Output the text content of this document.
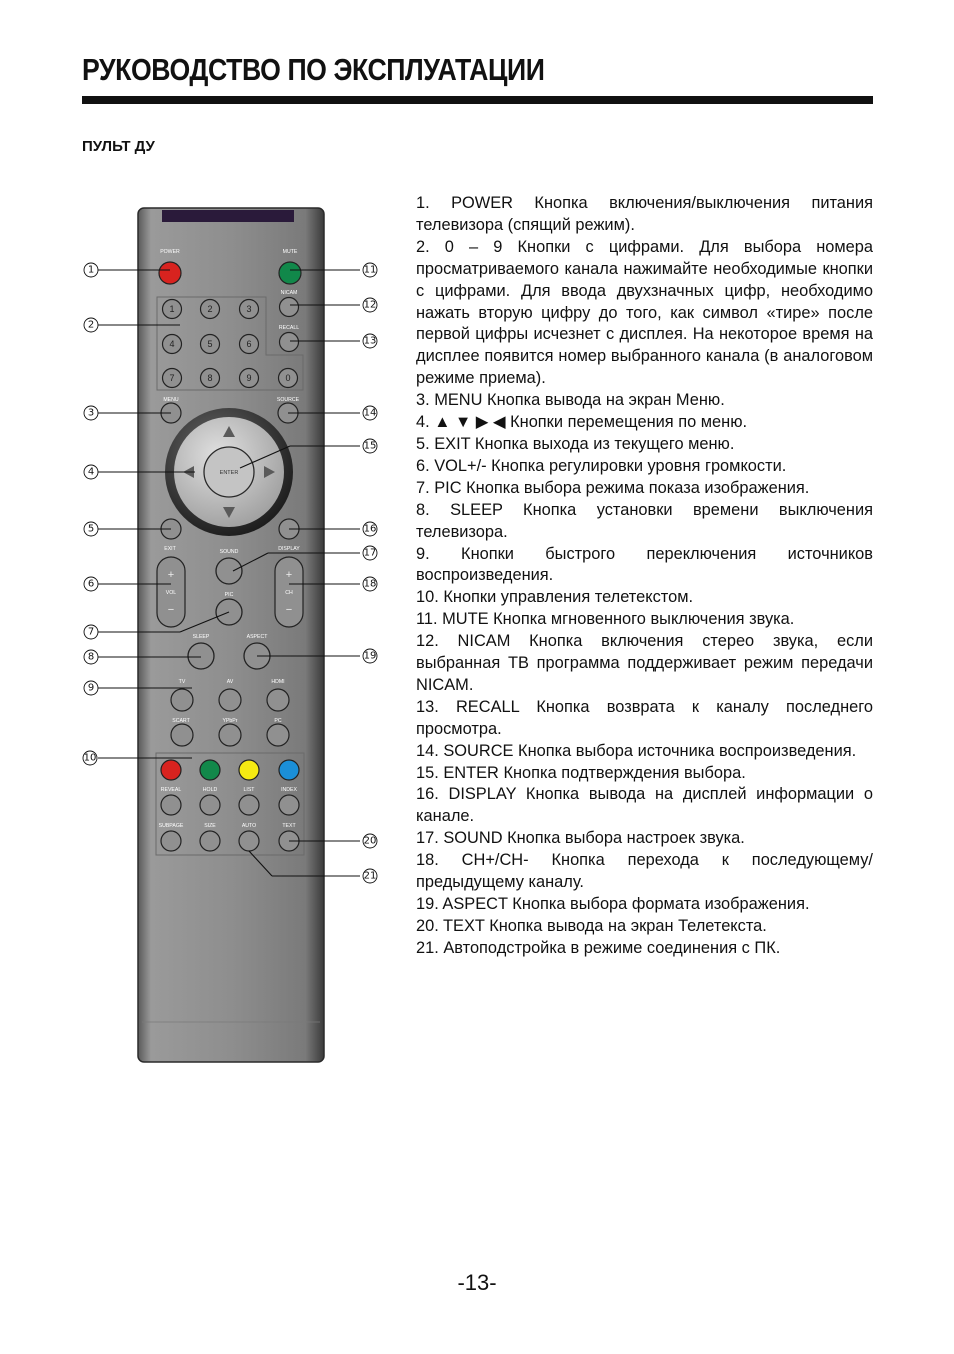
РУКОВОДСТВО ПО ЭКСПЛУАТАЦИИ
ПУЛЬТ ДУ
POWER	MUTE
1	2	3
4	5	6
7	8	9	0
NICAM
RECALL
MENU	SOURCE
ENTER
EXIT	DISPLAY
+
VOL
−
+
CH
−
SOUND
PIC
SLEEP	ASPECT
TV	AV	HDMI
SCART	YPbPr	PC
REVEAL	HOLD	LIST	INDEX
SUBPAGE	SIZE	AUTO	TEXT
1
2
3
4
5
6
7
8
9
10
11
12
13
14
15
16
17
18
19
20
21
1. POWER Кнопка включения/выключения питания телевизора (спящий режим).
2. 0 – 9 Кнопки с цифрами. Для выбора номера просматриваемого канала нажимайте необходимые кнопки с цифрами. Для ввода двухзначных цифр, необходимо нажать вторую цифру до того, как символ «тире» после первой цифры исчезнет с дисплея. На некоторое время на дисплее появится номер выбранного канала (в аналоговом режиме приема).
3. MENU Кнопка вывода на экран Меню.
4. ▲ ▼ ▶ ◀ Кнопки перемещения по меню.
5. EXIT Кнопка выхода из текущего меню.
6. VOL+/- Кнопка регулировки уровня громкости.
7. PIC Кнопка выбора режима показа изображения.
8. SLEEP Кнопка установки времени выключения телевизора.
9. Кнопки быстрого переключения источников воспроизведения.
10. Кнопки управления телетекстом.
11. MUTE Кнопка мгновенного выключения звука.
12. NICAM Кнопка включения стерео звука, если выбранная ТВ программа поддерживает режим передачи NICAM.
13. RECALL Кнопка возврата к каналу последнего просмотра.
14. SOURCE Кнопка выбора источника воспроизведения.
15. ENTER Кнопка подтверждения выбора.
16. DISPLAY Кнопка вывода на дисплей информации о канале.
17. SOUND Кнопка выбора настроек звука.
18. CH+/CH- Кнопка перехода к последующему/предыдущему каналу.
19. ASPECT Кнопка выбора формата изображения.
20. TEXT Кнопка вывода на экран Телетекста.
21. Автоподстройка в режиме соединения с ПК.
-13-
